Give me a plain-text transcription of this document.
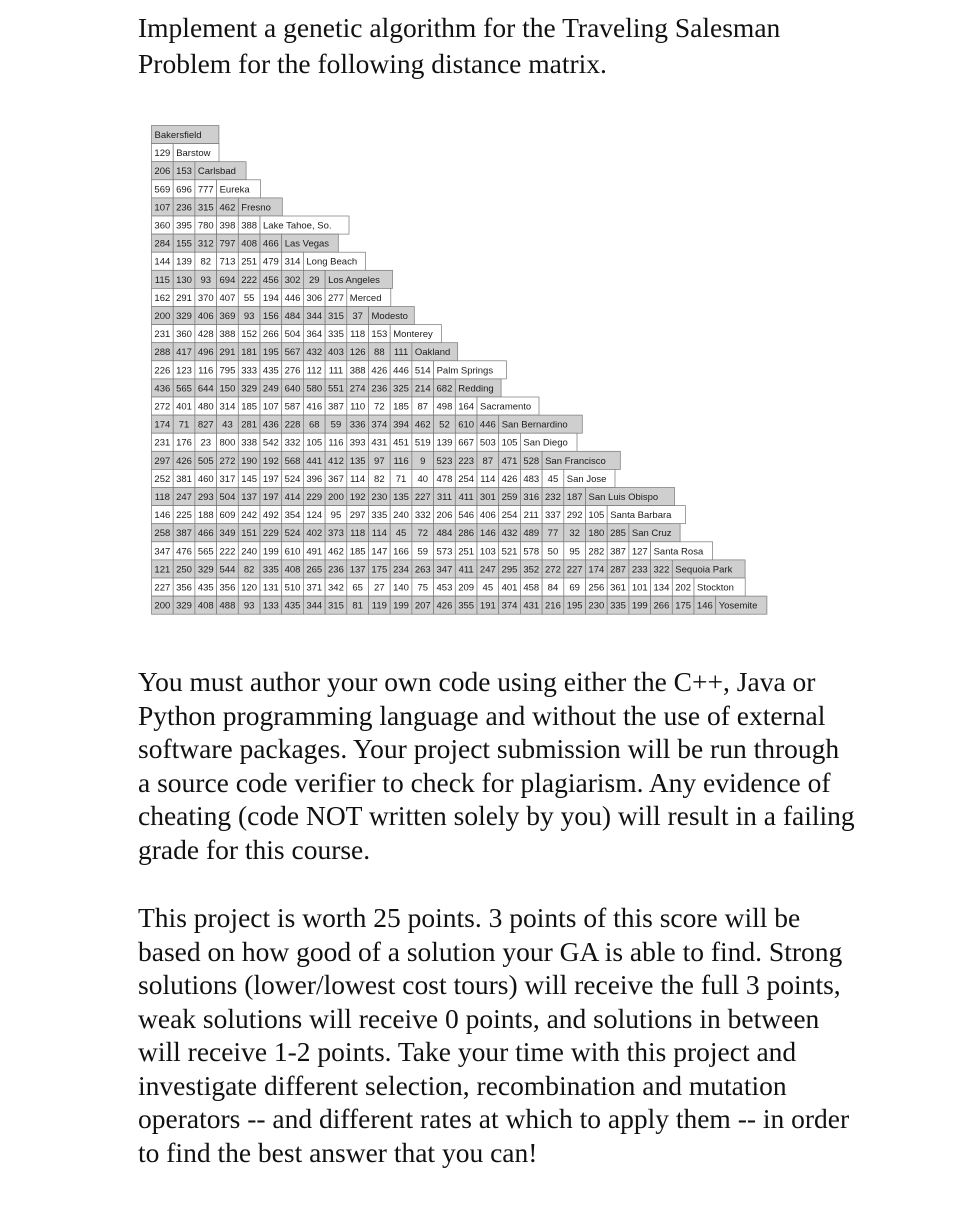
Implement a genetic algorithm for the Traveling Salesman Problem for the following distance matrix.
Bakersfield
129 Barstow
206 153 Carlsbad
569 696 777 Eureka
107 236 315 462 Fresno
360 395 780 398 388 Lake Tahoe, So.
284 155 312 797 408 466 Las Vegas
144 139 82 713 251 479 314 Long Beach
115 130 93 694 222 456 302 29 Los Angeles
162 291 370 407 55 194 446 306 277 Merced
200 329 406 369 93 156 484 344 315 37 Modesto
231 360 428 388 152 266 504 364 335 118 153 Monterey
288 417 496 291 181 195 567 432 403 126 88 111 Oakland
226 123 116 795 333 435 276 112 111 388 426 446 514 Palm Springs
436 565 644 150 329 249 640 580 551 274 236 325 214 682 Redding
272 401 480 314 185 107 587 416 387 110 72 185 87 498 164 Sacramento
174 71 827 43 281 436 228 68 59 336 374 394 462 52 610 446 San Bernardino
231 176 23 800 338 542 332 105 116 393 431 451 519 139 667 503 105 San Diego
297 426 505 272 190 192 568 441 412 135 97 116 9 523 223 87 471 528 San Francisco
252 381 460 317 145 197 524 396 367 114 82 71 40 478 254 114 426 483 45 San Jose
118 247 293 504 137 197 414 229 200 192 230 135 227 311 411 301 259 316 232 187 San Luis Obispo
146 225 188 609 242 492 354 124 95 297 335 240 332 206 546 406 254 211 337 292 105 Santa Barbara
258 387 466 349 151 229 524 402 373 118 114 45 72 484 286 146 432 489 77 32 180 285 San Cruz
347 476 565 222 240 199 610 491 462 185 147 166 59 573 251 103 521 578 50 95 282 387 127 Santa Rosa
121 250 329 544 82 335 408 265 236 137 175 234 263 347 411 247 295 352 272 227 174 287 233 322 Sequoia Park
227 356 435 356 120 131 510 371 342 65 27 140 75 453 209 45 401 458 84 69 256 361 101 134 202 Stockton
200 329 408 488 93 133 435 344 315 81 119 199 207 426 355 191 374 431 216 195 230 335 199 266 175 146 Yosemite

You must author your own code using either the C++, Java or Python programming language and without the use of external software packages. Your project submission will be run through a source code verifier to check for plagiarism. Any evidence of cheating (code NOT written solely by you) will result in a failing grade for this course.

This project is worth 25 points. 3 points of this score will be based on how good of a solution your GA is able to find. Strong solutions (lower/lowest cost tours) will receive the full 3 points, weak solutions will receive 0 points, and solutions in between will receive 1-2 points. Take your time with this project and investigate different selection, recombination and mutation operators -- and different rates at which to apply them -- in order to find the best answer that you can!
